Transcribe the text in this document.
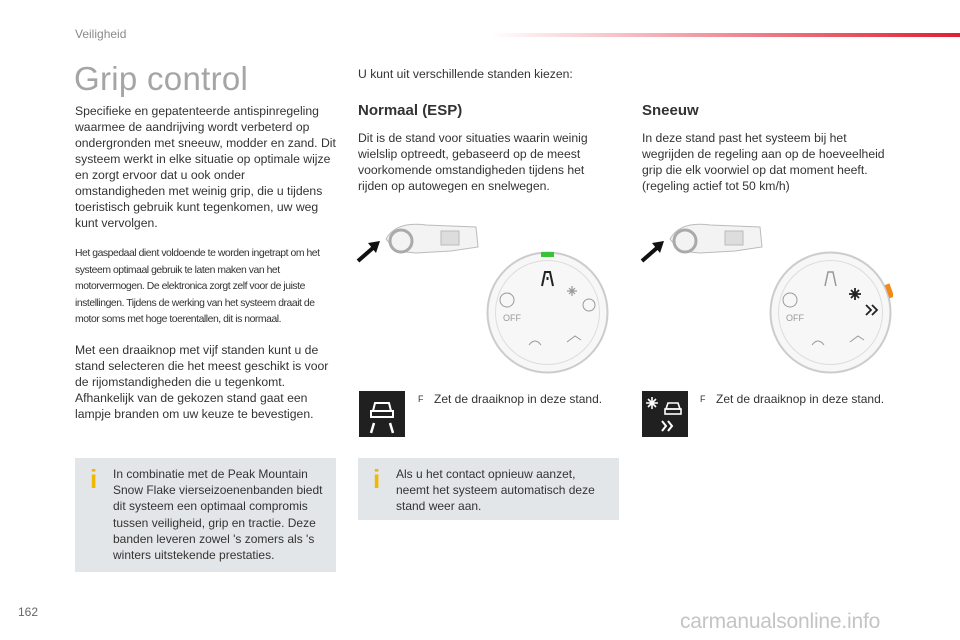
Veiligheid
Grip control

Specifieke en gepatenteerde antispinregeling waarmee de aandrijving wordt verbeterd op ondergronden met sneeuw, modder en zand. Dit systeem werkt in elke situatie op optimale wijze en zorgt ervoor dat u ook onder omstandigheden met weinig grip, die u tijdens toeristisch gebruik kunt tegenkomen, uw weg kunt vervolgen.

Het gaspedaal dient voldoende te worden ingetrapt om het systeem optimaal gebruik te laten maken van het motorvermogen. De elektronica zorgt zelf voor de juiste instellingen. Tijdens de werking van het systeem draait de motor soms met hoge toerentallen, dit is normaal.

Met een draaiknop met vijf standen kunt u de stand selecteren die het meest geschikt is voor de rijomstandigheden die u tegenkomt. Afhankelijk van de gekozen stand gaat een lampje branden om uw keuze te bevestigen.

i In combinatie met de Peak Mountain Snow Flake vierseizoenenbanden biedt dit systeem een optimaal compromis tussen veiligheid, grip en tractie. Deze banden leveren zowel 's zomers als 's winters uitstekende prestaties.
U kunt uit verschillende standen kiezen:
Normaal (ESP)

Dit is de stand voor situaties waarin weinig wielslip optreedt, gebaseerd op de meest voorkomende omstandigheden tijdens het rijden op autowegen en snelwegen.

OFF
F Zet de draaiknop in deze stand.
i Als u het contact opnieuw aanzet, neemt het systeem automatisch deze stand weer aan.
Sneeuw

In deze stand past het systeem bij het wegrijden de regeling aan op de hoeveelheid grip die elk voorwiel op dat moment heeft. (regeling actief tot 50 km/h)

OFF
F Zet de draaiknop in deze stand.
162	carmanualsonline.info
